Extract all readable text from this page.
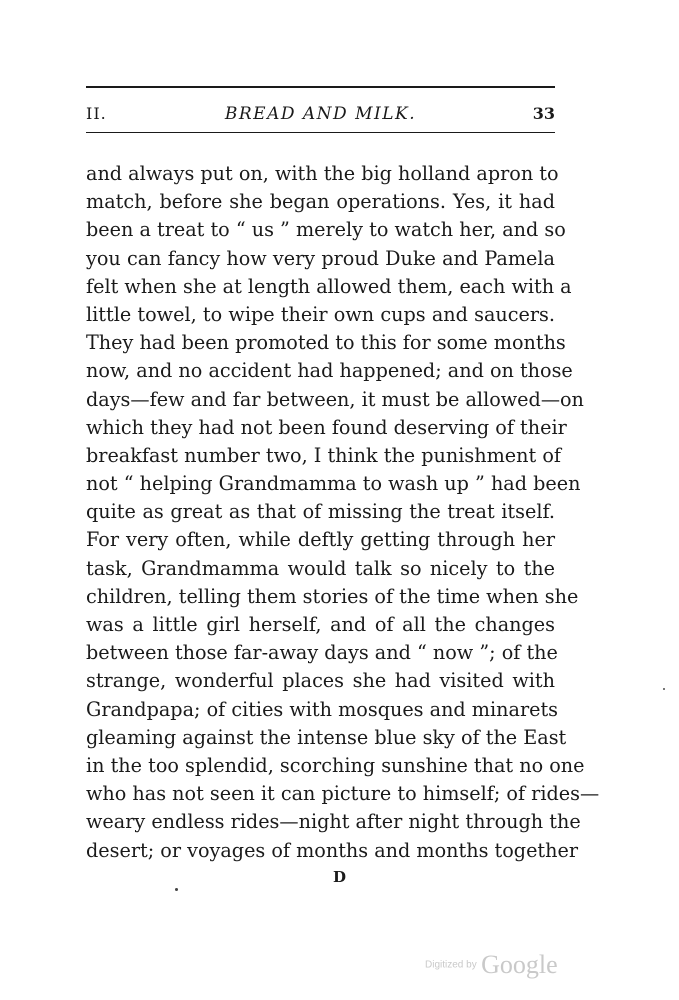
II.	BREAD AND MILK.	33
and always put on, with the big holland apron to
match, before she began operations. Yes, it had
been a treat to “ us ” merely to watch her, and so
you can fancy how very proud Duke and Pamela
felt when she at length allowed them, each with a
little towel, to wipe their own cups and saucers.
They had been promoted to this for some months
now, and no accident had happened; and on those
days—few and far between, it must be allowed—on
which they had not been found deserving of their
breakfast number two, I think the punishment of
not “ helping Grandmamma to wash up ” had been
quite as great as that of missing the treat itself.
For very often, while deftly getting through her
task, Grandmamma would talk so nicely to the
children, telling them stories of the time when she
was a little girl herself, and of all the changes
between those far-away days and “ now ”; of the
strange, wonderful places she had visited with
Grandpapa; of cities with mosques and minarets
gleaming against the intense blue sky of the East
in the too splendid, scorching sunshine that no one
who has not seen it can picture to himself; of rides—
weary endless rides—night after night through the
desert; or voyages of months and months together
D
Digitized by Google
